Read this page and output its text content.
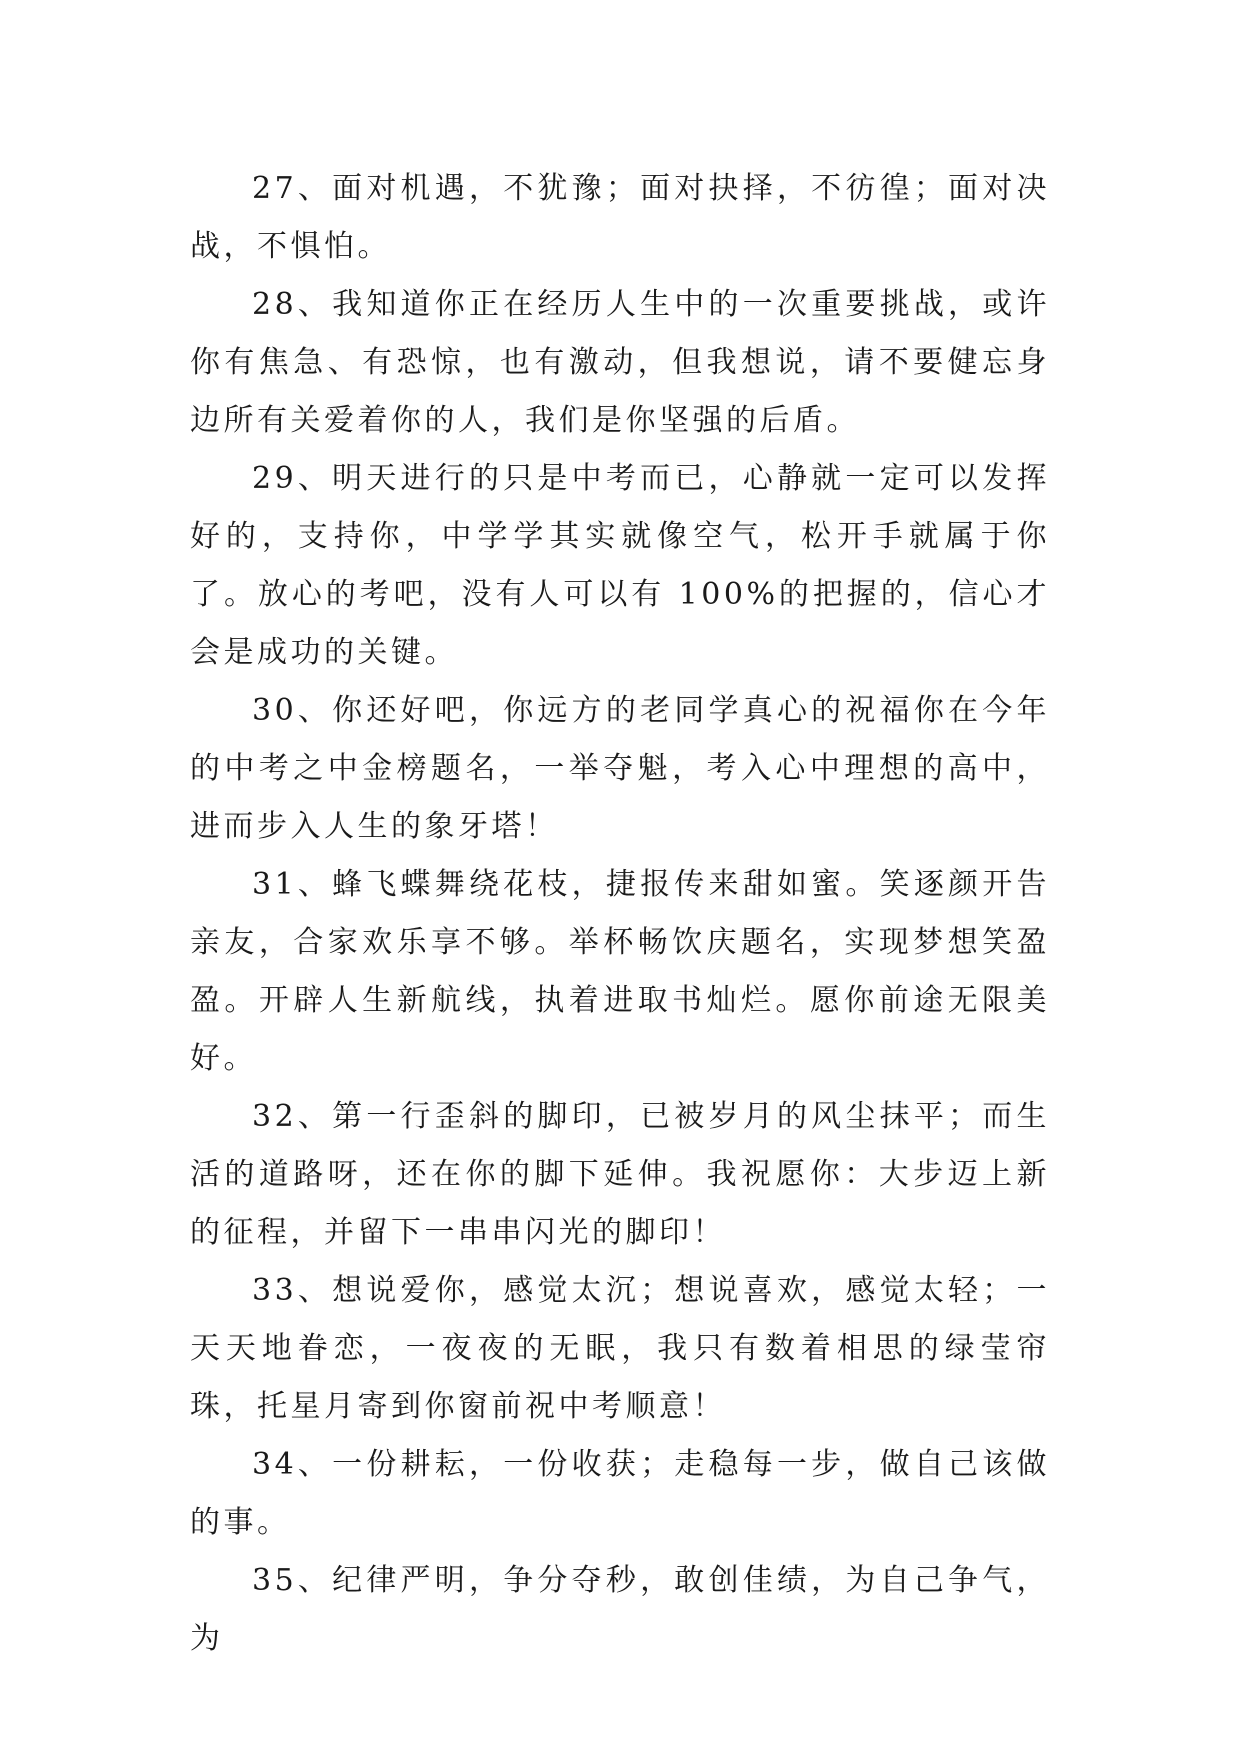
27、面对机遇，不犹豫；面对抉择，不彷徨；面对决战，不惧怕。

28、我知道你正在经历人生中的一次重要挑战，或许你有焦急、有恐惊，也有激动，但我想说，请不要健忘身边所有关爱着你的人，我们是你坚强的后盾。

29、明天进行的只是中考而已，心静就一定可以发挥好的，支持你，中学学其实就像空气，松开手就属于你了。放心的考吧，没有人可以有 100%的把握的，信心才会是成功的关键。

30、你还好吧，你远方的老同学真心的祝福你在今年的中考之中金榜题名，一举夺魁，考入心中理想的高中，进而步入人生的象牙塔！

31、蜂飞蝶舞绕花枝，捷报传来甜如蜜。笑逐颜开告亲友，合家欢乐享不够。举杯畅饮庆题名，实现梦想笑盈盈。开辟人生新航线，执着进取书灿烂。愿你前途无限美好。

32、第一行歪斜的脚印，已被岁月的风尘抹平；而生活的道路呀，还在你的脚下延伸。我祝愿你：大步迈上新的征程，并留下一串串闪光的脚印！

33、想说爱你，感觉太沉；想说喜欢，感觉太轻；一天天地眷恋，一夜夜的无眠，我只有数着相思的绿莹帘珠，托星月寄到你窗前祝中考顺意！

34、一份耕耘，一份收获；走稳每一步，做自己该做的事。

35、纪律严明，争分夺秒，敢创佳绩，为自己争气，为
